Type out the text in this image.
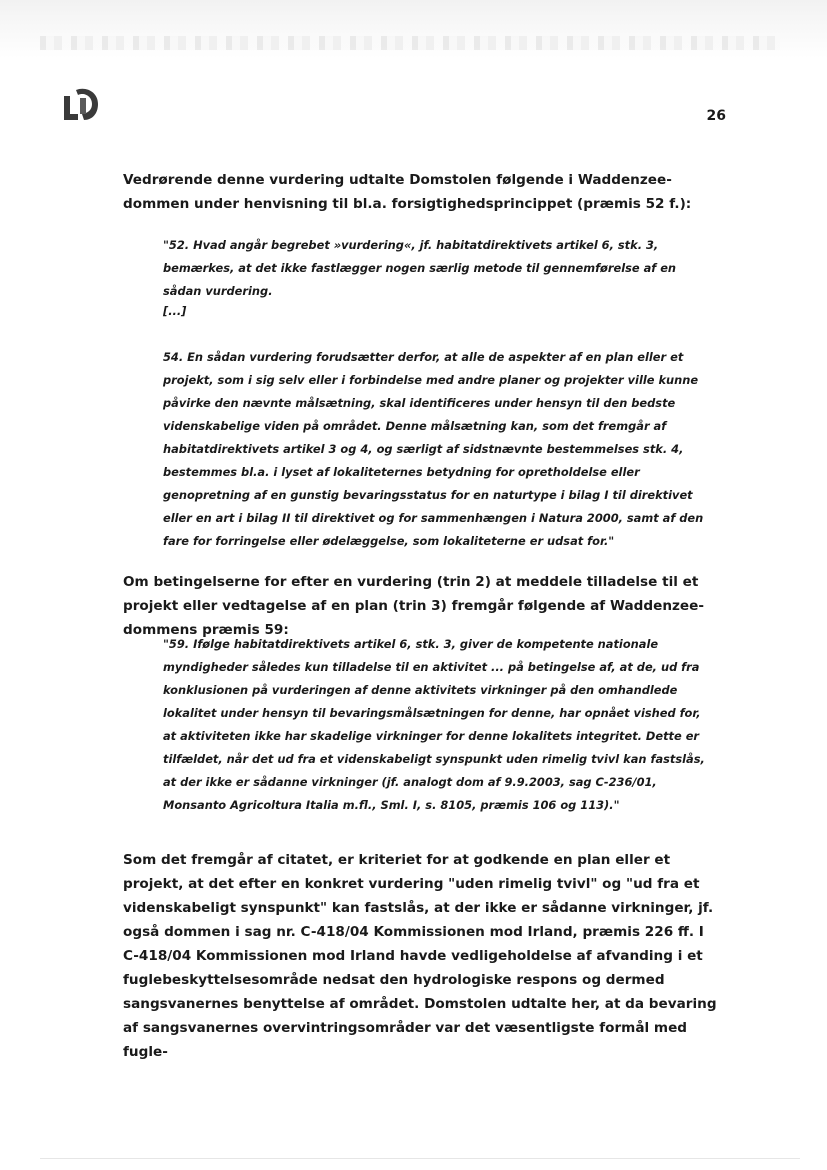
26

Vedrørende denne vurdering udtalte Domstolen følgende i Waddenzee-dommen under henvisning til bl.a. forsigtighedsprincippet (præmis 52 f.):

"52. Hvad angår begrebet »vurdering«, jf. habitatdirektivets artikel 6, stk. 3, bemærkes, at det ikke fastlægger nogen særlig metode til gennemførelse af en sådan vurdering.

[...]

54. En sådan vurdering forudsætter derfor, at alle de aspekter af en plan eller et projekt, som i sig selv eller i forbindelse med andre planer og projekter ville kunne påvirke den nævnte målsætning, skal identificeres under hensyn til den bedste videnskabelige viden på området. Denne målsætning kan, som det fremgår af habitatdirektivets artikel 3 og 4, og særligt af sidstnævnte bestemmelses stk. 4, bestemmes bl.a. i lyset af lokaliteternes betydning for opretholdelse eller genopretning af en gunstig bevaringsstatus for en naturtype i bilag I til direktivet eller en art i bilag II til direktivet og for sammenhængen i Natura 2000, samt af den fare for forringelse eller ødelæggelse, som lokaliteterne er udsat for."

Om betingelserne for efter en vurdering (trin 2) at meddele tilladelse til et projekt eller vedtagelse af en plan (trin 3) fremgår følgende af Waddenzee-dommens præmis 59:

"59. Ifølge habitatdirektivets artikel 6, stk. 3, giver de kompetente nationale myndigheder således kun tilladelse til en aktivitet ... på betingelse af, at de, ud fra konklusionen på vurderingen af denne aktivitets virkninger på den omhandlede lokalitet under hensyn til bevaringsmålsætningen for denne, har opnået vished for, at aktiviteten ikke har skadelige virkninger for denne lokalitets integritet. Dette er tilfældet, når det ud fra et videnskabeligt synspunkt uden rimelig tvivl kan fastslås, at der ikke er sådanne virkninger (jf. analogt dom af 9.9.2003, sag C-236/01, Monsanto Agricoltura Italia m.fl., Sml. I, s. 8105, præmis 106 og 113)."

Som det fremgår af citatet, er kriteriet for at godkende en plan eller et projekt, at det efter en konkret vurdering "uden rimelig tvivl" og "ud fra et videnskabeligt synspunkt" kan fastslås, at der ikke er sådanne virkninger, jf. også dommen i sag nr. C-418/04 Kommissionen mod Irland, præmis 226 ff. I C-418/04 Kommissionen mod Irland havde vedligeholdelse af afvanding i et fuglebeskyttelsesområde nedsat den hydrologiske respons og dermed sangsvanernes benyttelse af området. Domstolen udtalte her, at da bevaring af sangsvanernes overvintringsområder var det væsentligste formål med fugle-
